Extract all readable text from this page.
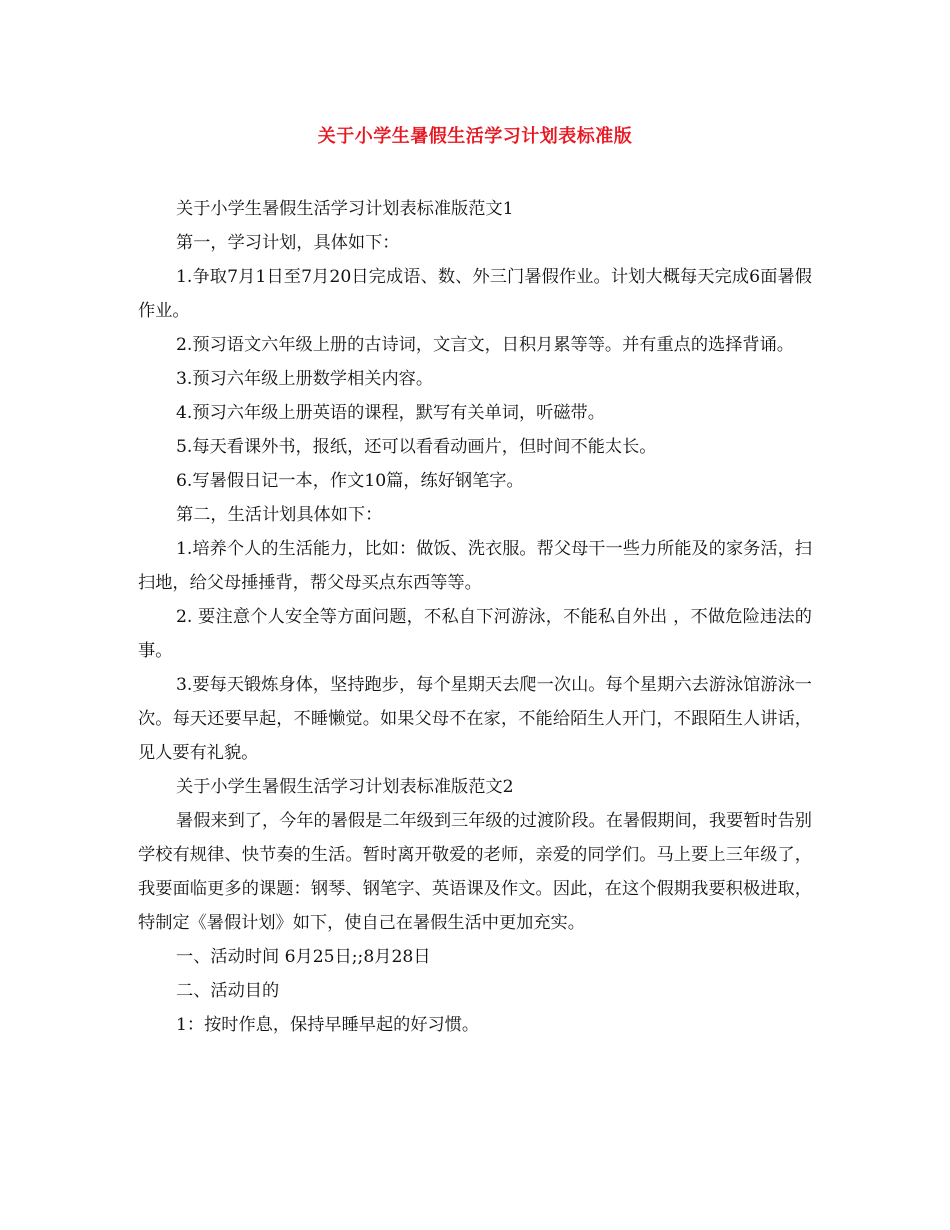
关于小学生暑假生活学习计划表标准版

关于小学生暑假生活学习计划表标准版范文1

第一，学习计划，具体如下：

1.争取7月1日至7月20日完成语、数、外三门暑假作业。计划大概每天完成6面暑假作业。

2.预习语文六年级上册的古诗词，文言文，日积月累等等。并有重点的选择背诵。

3.预习六年级上册数学相关内容。

4.预习六年级上册英语的课程，默写有关单词，听磁带。

5.每天看课外书，报纸，还可以看看动画片，但时间不能太长。

6.写暑假日记一本，作文10篇，练好钢笔字。

第二，生活计划具体如下：

1.培养个人的生活能力，比如：做饭、洗衣服。帮父母干一些力所能及的家务活，扫扫地，给父母捶捶背，帮父母买点东西等等。

2. 要注意个人安全等方面问题，不私自下河游泳，不能私自外出 ，不做危险违法的事。

3.要每天锻炼身体，坚持跑步，每个星期天去爬一次山。每个星期六去游泳馆游泳一次。每天还要早起，不睡懒觉。如果父母不在家，不能给陌生人开门，不跟陌生人讲话，见人要有礼貌。

关于小学生暑假生活学习计划表标准版范文2

暑假来到了，今年的暑假是二年级到三年级的过渡阶段。在暑假期间，我要暂时告别学校有规律、快节奏的生活。暂时离开敬爱的老师，亲爱的同学们。马上要上三年级了，我要面临更多的课题：钢琴、钢笔字、英语课及作文。因此，在这个假期我要积极进取，特制定《暑假计划》如下，使自己在暑假生活中更加充实。

一、活动时间 6月25日;;8月28日

二、活动目的

1：按时作息，保持早睡早起的好习惯。
